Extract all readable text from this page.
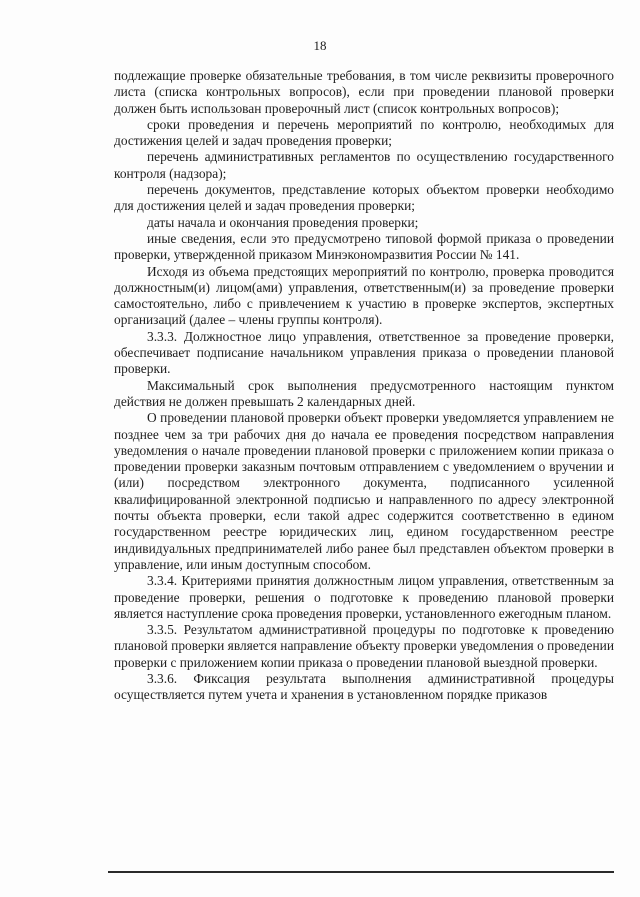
18

подлежащие проверке обязательные требования, в том числе реквизиты проверочного листа (списка контрольных вопросов), если при проведении плановой проверки должен быть использован проверочный лист (список контрольных вопросов);

сроки проведения и перечень мероприятий по контролю, необходимых для достижения целей и задач проведения проверки;

перечень административных регламентов по осуществлению государственного контроля (надзора);

перечень документов, представление которых объектом проверки необходимо для достижения целей и задач проведения проверки;

даты начала и окончания проведения проверки;

иные сведения, если это предусмотрено типовой формой приказа о проведении проверки, утвержденной приказом Минэкономразвития России № 141.

Исходя из объема предстоящих мероприятий по контролю, проверка проводится должностным(и) лицом(ами) управления, ответственным(и) за проведение проверки самостоятельно, либо с привлечением к участию в проверке экспертов, экспертных организаций (далее – члены группы контроля).

3.3.3. Должностное лицо управления, ответственное за проведение проверки, обеспечивает подписание начальником управления приказа о проведении плановой проверки.

Максимальный срок выполнения предусмотренного настоящим пунктом действия не должен превышать 2 календарных дней.

О проведении плановой проверки объект проверки уведомляется управлением не позднее чем за три рабочих дня до начала ее проведения посредством направления уведомления о начале проведении плановой проверки с приложением копии приказа о проведении проверки заказным почтовым отправлением с уведомлением о вручении и (или) посредством электронного документа, подписанного усиленной квалифицированной электронной подписью и направленного по адресу электронной почты объекта проверки, если такой адрес содержится соответственно в едином государственном реестре юридических лиц, едином государственном реестре индивидуальных предпринимателей либо ранее был представлен объектом проверки в управление, или иным доступным способом.

3.3.4. Критериями принятия должностным лицом управления, ответственным за проведение проверки, решения о подготовке к проведению плановой проверки является наступление срока проведения проверки, установленного ежегодным планом.

3.3.5. Результатом административной процедуры по подготовке к проведению плановой проверки является направление объекту проверки уведомления о проведении проверки с приложением копии приказа о проведении плановой выездной проверки.

3.3.6. Фиксация результата выполнения административной процедуры осуществляется путем учета и хранения в установленном порядке приказов
